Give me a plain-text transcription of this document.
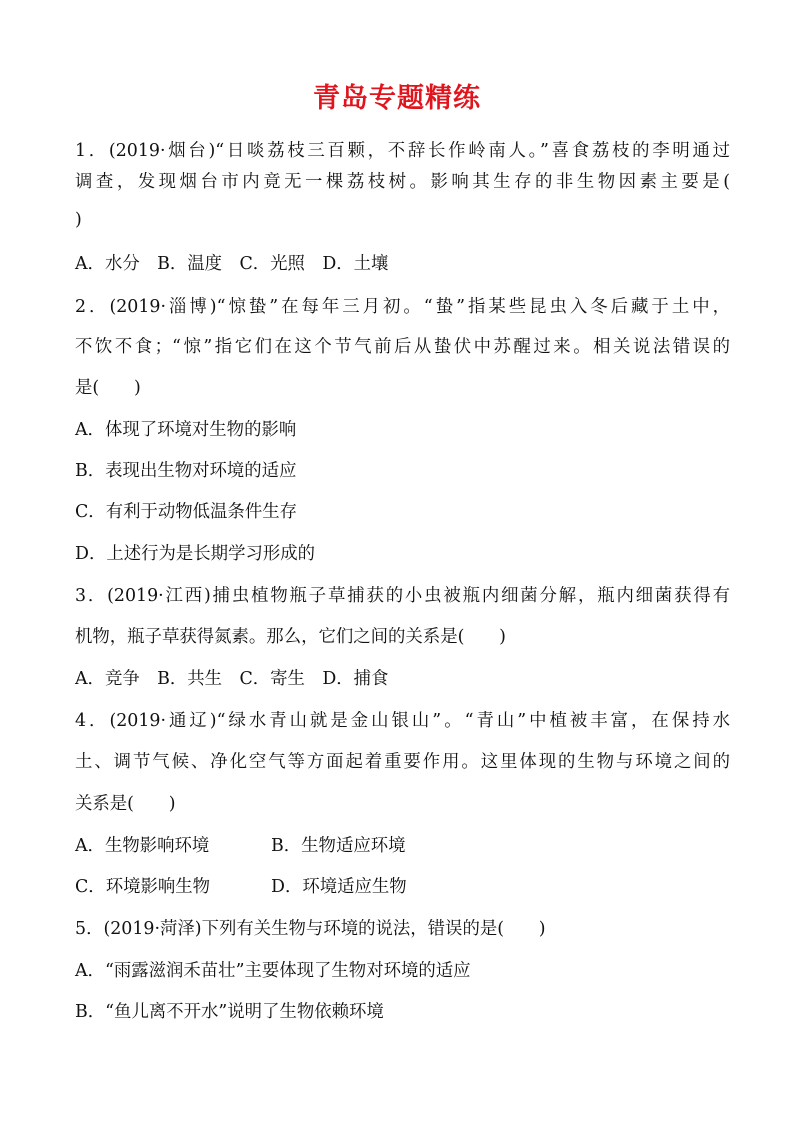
青岛专题精练
1．(2019·烟台)“日啖荔枝三百颗，不辞长作岭南人。”喜食荔枝的李明通过
调查，发现烟台市内竟无一棵荔枝树。影响其生存的非生物因素主要是(
)
A．水分　B．温度　C．光照　D．土壤
2．(2019·淄博)“惊蛰”在每年三月初。“蛰”指某些昆虫入冬后藏于土中，
不饮不食；“惊”指它们在这个节气前后从蛰伏中苏醒过来。相关说法错误的
是(　　)
A．体现了环境对生物的影响
B．表现出生物对环境的适应
C．有利于动物低温条件生存
D．上述行为是长期学习形成的
3．(2019·江西)捕虫植物瓶子草捕获的小虫被瓶内细菌分解，瓶内细菌获得有
机物，瓶子草获得氮素。那么，它们之间的关系是(　　)
A．竞争　B．共生　C．寄生　D．捕食
4．(2019·通辽)“绿水青山就是金山银山”。“青山”中植被丰富，在保持水
土、调节气候、净化空气等方面起着重要作用。这里体现的生物与环境之间的
关系是(　　)
A．生物影响环境	B．生物适应环境
C．环境影响生物	D．环境适应生物
5．(2019·菏泽)下列有关生物与环境的说法，错误的是(　　)
A．“雨露滋润禾苗壮”主要体现了生物对环境的适应
B．“鱼儿离不开水”说明了生物依赖环境
